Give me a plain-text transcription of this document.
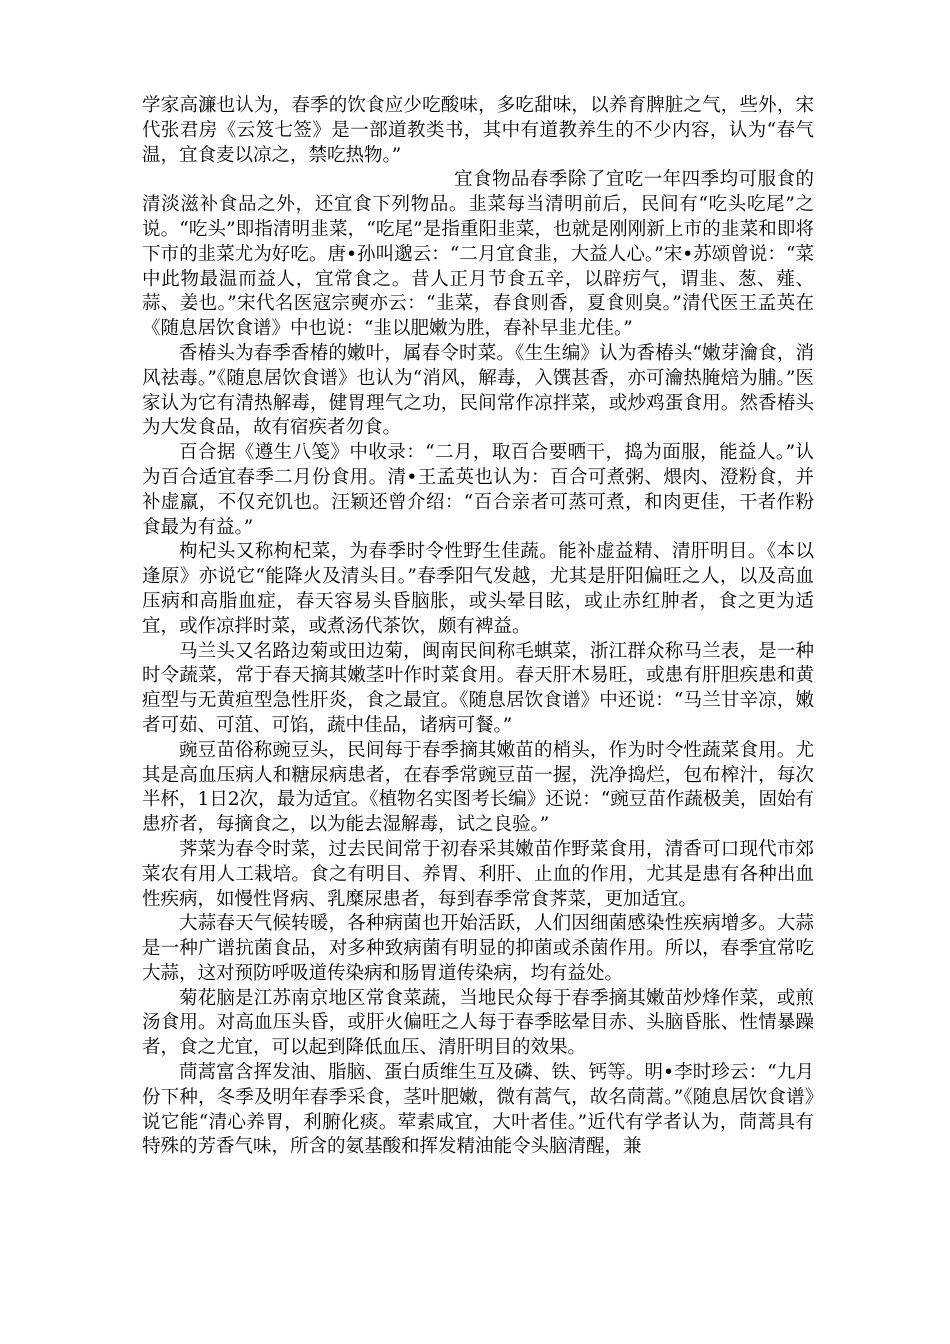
学家高濂也认为，春季的饮食应少吃酸味，多吃甜味，以养育脾脏之气，些外，宋代张君房《云笈七签》是一部道教类书，其中有道教养生的不少内容，认为“春气温，宜食麦以凉之，禁吃热物。”

宜食物品春季除了宜吃一年四季均可服食的清淡滋补食品之外，还宜食下列物品。韭菜每当清明前后，民间有“吃头吃尾”之说。“吃头”即指清明韭菜，“吃尾”是指重阳韭菜，也就是刚刚新上市的韭菜和即将下市的韭菜尤为好吃。唐•孙叫邈云：“二月宜食韭，大益人心。”宋•苏颂曾说：“菜中此物最温而益人，宜常食之。昔人正月节食五辛，以辟疠气，谓韭、葱、薤、蒜、姜也。”宋代名医寇宗奭亦云：“韭菜，春食则香，夏食则臭。”清代医王孟英在《随息居饮食谱》中也说：“韭以肥嫩为胜，春补早韭尤佳。”

香椿头为春季香椿的嫩叶，属春令时菜。《生生编》认为香椿头“嫩芽瀹食，消风祛毒。”《随息居饮食谱》也认为“消风，解毒，入馔甚香，亦可瀹热腌焙为脯。”医家认为它有清热解毒，健胃理气之功，民间常作凉拌菜，或炒鸡蛋食用。然香椿头为大发食品，故有宿疾者勿食。

百合据《遵生八笺》中收录：“二月，取百合要晒干，捣为面服，能益人。”认为百合适宜春季二月份食用。清•王孟英也认为：百合可煮粥、煨肉、澄粉食，并补虚羸，不仅充饥也。汪颖还曾介绍：“百合亲者可蒸可煮，和肉更佳，干者作粉食最为有益。”

枸杞头又称枸杞菜，为春季时令性野生佳蔬。能补虚益精、清肝明目。《本以逢原》亦说它“能降火及清头目。”春季阳气发越，尤其是肝阳偏旺之人，以及高血压病和高脂血症，春天容易头昏脑胀，或头晕目眩，或止赤红肿者，食之更为适宜，或作凉拌时菜，或煮汤代茶饮，颇有裨益。

马兰头又名路边菊或田边菊，闽南民间称毛蜞菜，浙江群众称马兰表，是一种时令蔬菜，常于春天摘其嫩茎叶作时菜食用。春天肝木易旺，或患有肝胆疾患和黄疸型与无黄疸型急性肝炎，食之最宜。《随息居饮食谱》中还说：“马兰甘辛凉，嫩者可茹、可菹、可馅，蔬中佳品，诸病可餐。”

豌豆苗俗称豌豆头，民间每于春季摘其嫩苗的梢头，作为时令性蔬菜食用。尤其是高血压病人和糖尿病患者，在春季常豌豆苗一握，洗净捣烂，包布榨汁，每次半杯，1日2次，最为适宜。《植物名实图考长编》还说：“豌豆苗作蔬极美，固始有患疥者，每摘食之，以为能去湿解毒，试之良验。”

荠菜为春令时菜，过去民间常于初春采其嫩苗作野菜食用，清香可口现代市郊菜农有用人工栽培。食之有明目、养胃、利肝、止血的作用，尤其是患有各种出血性疾病，如慢性肾病、乳糜尿患者，每到春季常食荠菜，更加适宜。

大蒜春天气候转暖，各种病菌也开始活跃，人们因细菌感染性疾病增多。大蒜是一种广谱抗菌食品，对多种致病菌有明显的抑菌或杀菌作用。所以，春季宜常吃大蒜，这对预防呼吸道传染病和肠胃道传染病，均有益处。

菊花脑是江苏南京地区常食菜蔬，当地民众每于春季摘其嫩苗炒烽作菜，或煎汤食用。对高血压头昏，或肝火偏旺之人每于春季眩晕目赤、头脑昏胀、性情暴躁者，食之尤宜，可以起到降低血压、清肝明目的效果。

茼蒿富含挥发油、脂脑、蛋白质维生互及磷、铁、钙等。明•李时珍云：“九月份下种，冬季及明年春季采食，茎叶肥嫩，微有蒿气，故名茼蒿。”《随息居饮食谱》说它能“清心养胃，利腑化痰。荤素咸宜，大叶者佳。”近代有学者认为，茼蒿具有特殊的芳香气味，所含的氨基酸和挥发精油能令头脑清醒，兼
